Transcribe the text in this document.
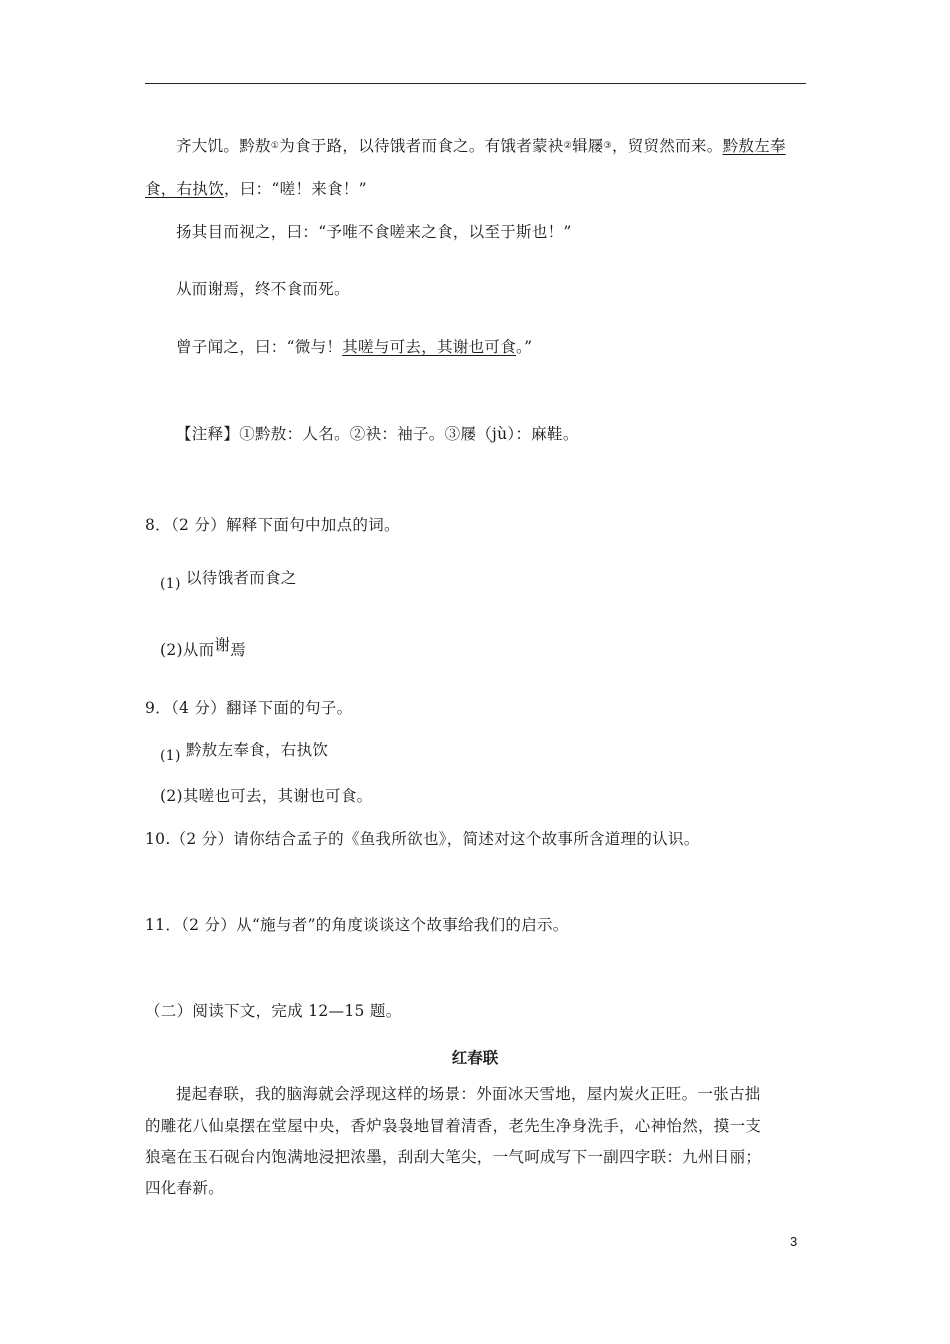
齐大饥。黔敖①为食于路，以待饿者而食之。有饿者蒙袂②辑屦③，贸贸然而来。黔敖左奉
食，右执饮，曰：“嗟！来食！”
扬其目而视之，曰：“予唯不食嗟来之食，以至于斯也！”
从而谢焉，终不食而死。
曾子闻之，曰：“微与！其嗟与可去，其谢也可食。”
【注释】①黔敖：人名。②袂：袖子。③屦（jù）：麻鞋。
8．（2 分）解释下面句中加点的词。
(1) 以待饿者而食之
(2)从而谢焉
9．（4 分）翻译下面的句子。
(1) 黔敖左奉食，右执饮
(2)其嗟也可去，其谢也可食。
10.（2 分）请你结合孟子的《鱼我所欲也》，简述对这个故事所含道理的认识。
11．（2 分）从“施与者”的角度谈谈这个故事给我们的启示。
（二）阅读下文，完成 12—15 题。
红春联
提起春联，我的脑海就会浮现这样的场景：外面冰天雪地，屋内炭火正旺。一张古拙
的雕花八仙桌摆在堂屋中央，香炉袅袅地冒着清香，老先生净身洗手，心神怡然，摸一支
狼毫在玉石砚台内饱满地浸把浓墨，刮刮大笔尖，一气呵成写下一副四字联：九州日丽；
四化春新。
3
